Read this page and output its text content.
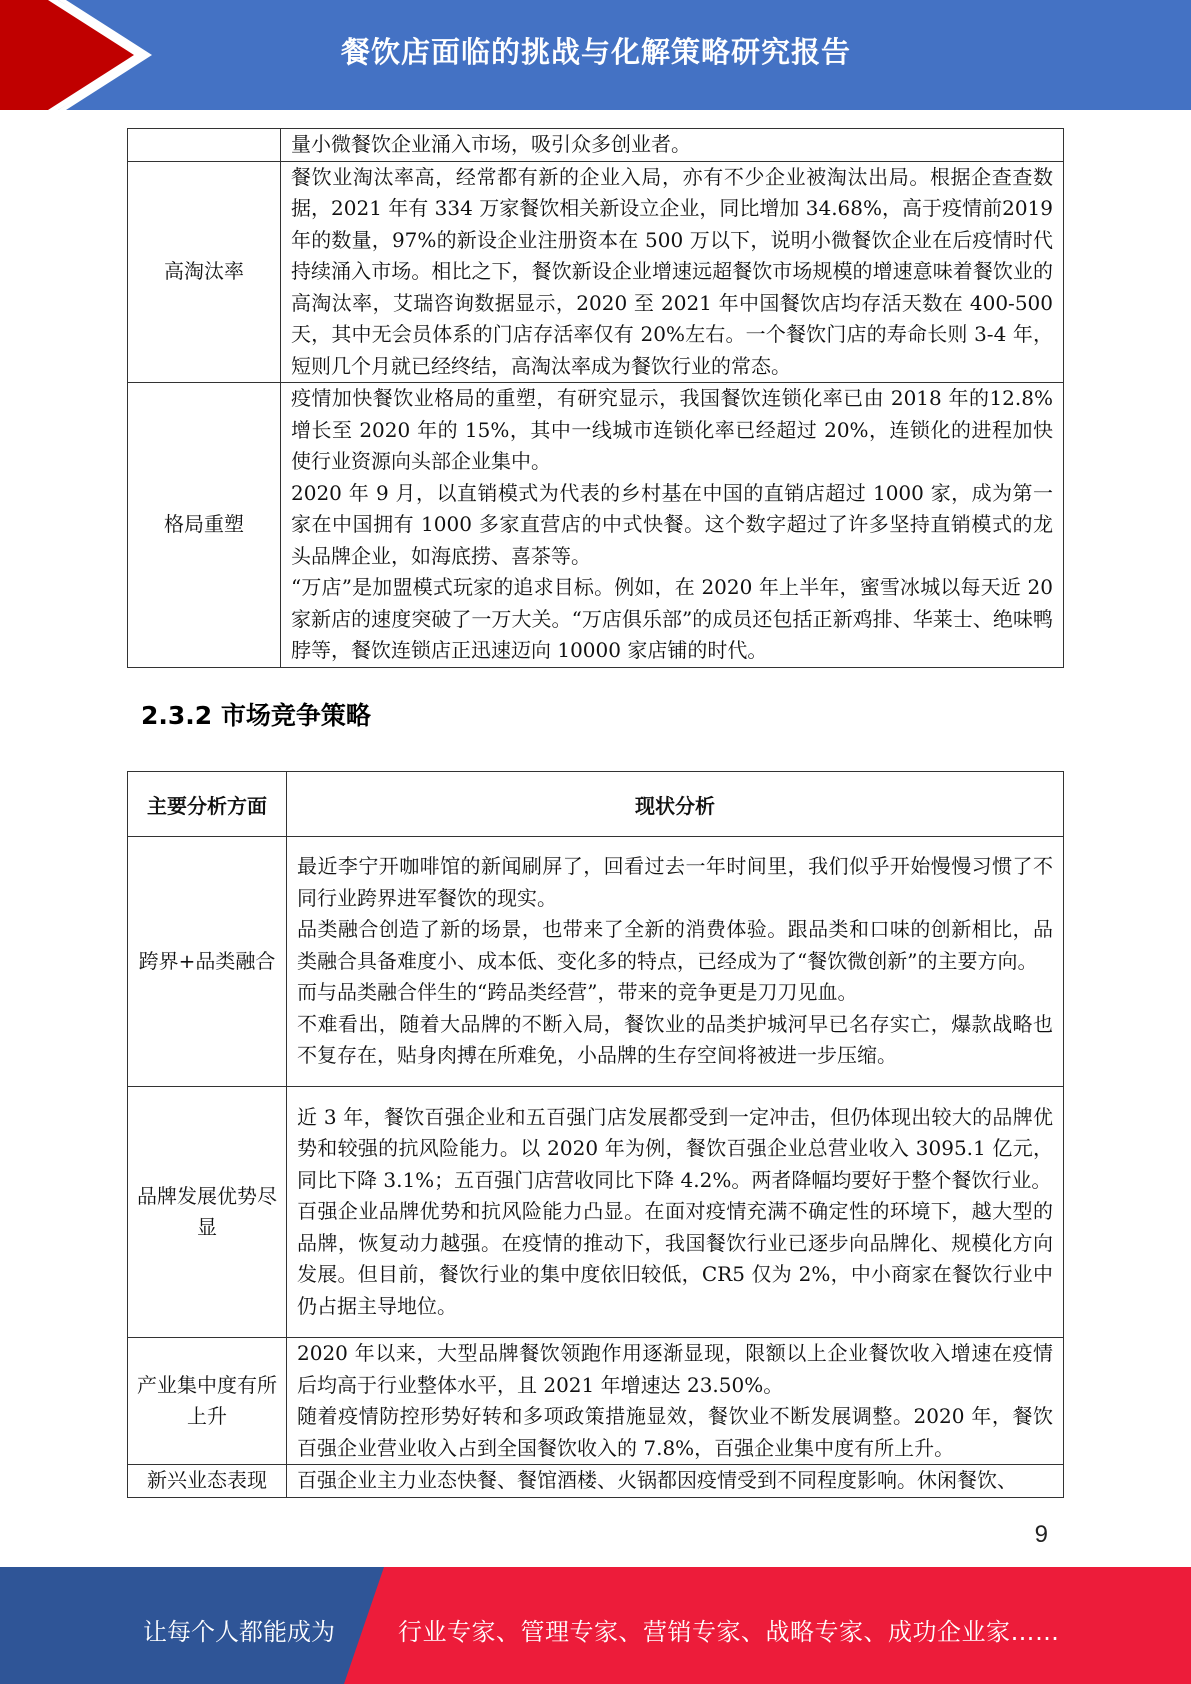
餐饮店面临的挑战与化解策略研究报告

	量小微餐饮企业涌入市场，吸引众多创业者。

高淘汰率	餐饮业淘汰率高，经常都有新的企业入局，亦有不少企业被淘汰出局。根据企查查数据，2021 年有 334 万家餐饮相关新设立企业，同比增加 34.68%，高于疫情前2019 年的数量，97%的新设企业注册资本在 500 万以下，说明小微餐饮企业在后疫情时代持续涌入市场。相比之下，餐饮新设企业增速远超餐饮市场规模的增速意味着餐饮业的高淘汰率，艾瑞咨询数据显示，2020 至 2021 年中国餐饮店均存活天数在 400-500 天，其中无会员体系的门店存活率仅有 20%左右。一个餐饮门店的寿命长则 3-4 年，短则几个月就已经终结，高淘汰率成为餐饮行业的常态。

格局重塑	疫情加快餐饮业格局的重塑，有研究显示，我国餐饮连锁化率已由 2018 年的12.8%增长至 2020 年的 15%，其中一线城市连锁化率已经超过 20%，连锁化的进程加快使行业资源向头部企业集中。

2020 年 9 月，以直销模式为代表的乡村基在中国的直销店超过 1000 家，成为第一家在中国拥有 1000 多家直营店的中式快餐。这个数字超过了许多坚持直销模式的龙头品牌企业，如海底捞、喜茶等。

“万店”是加盟模式玩家的追求目标。例如，在 2020 年上半年，蜜雪冰城以每天近 20 家新店的速度突破了一万大关。“万店俱乐部”的成员还包括正新鸡排、华莱士、绝味鸭脖等，餐饮连锁店正迅速迈向 10000 家店铺的时代。

2.3.2 市场竞争策略
主要分析方面	现状分析
跨界+品类融合	最近李宁开咖啡馆的新闻刷屏了，回看过去一年时间里，我们似乎开始慢慢习惯了不同行业跨界进军餐饮的现实。

品类融合创造了新的场景，也带来了全新的消费体验。跟品类和口味的创新相比，品类融合具备难度小、成本低、变化多的特点，已经成为了“餐饮微创新”的主要方向。

而与品类融合伴生的“跨品类经营”，带来的竞争更是刀刀见血。

不难看出，随着大品牌的不断入局，餐饮业的品类护城河早已名存实亡，爆款战略也不复存在，贴身肉搏在所难免，小品牌的生存空间将被进一步压缩。

品牌发展优势尽显	近 3 年，餐饮百强企业和五百强门店发展都受到一定冲击，但仍体现出较大的品牌优势和较强的抗风险能力。以 2020 年为例，餐饮百强企业总营业收入 3095.1 亿元，同比下降 3.1%；五百强门店营收同比下降 4.2%。两者降幅均要好于整个餐饮行业。

百强企业品牌优势和抗风险能力凸显。在面对疫情充满不确定性的环境下，越大型的品牌，恢复动力越强。在疫情的推动下，我国餐饮行业已逐步向品牌化、规模化方向发展。但目前，餐饮行业的集中度依旧较低，CR5 仅为 2%，中小商家在餐饮行业中仍占据主导地位。

产业集中度有所上升	2020 年以来，大型品牌餐饮领跑作用逐渐显现，限额以上企业餐饮收入增速在疫情后均高于行业整体水平，且 2021 年增速达 23.50%。

随着疫情防控形势好转和多项政策措施显效，餐饮业不断发展调整。2020 年，餐饮百强企业营业收入占到全国餐饮收入的 7.8%，百强企业集中度有所上升。

新兴业态表现	百强企业主力业态快餐、餐馆酒楼、火锅都因疫情受到不同程度影响。休闲餐饮、

9
让每个人都能成为	行业专家、管理专家、营销专家、战略专家、成功企业家……
